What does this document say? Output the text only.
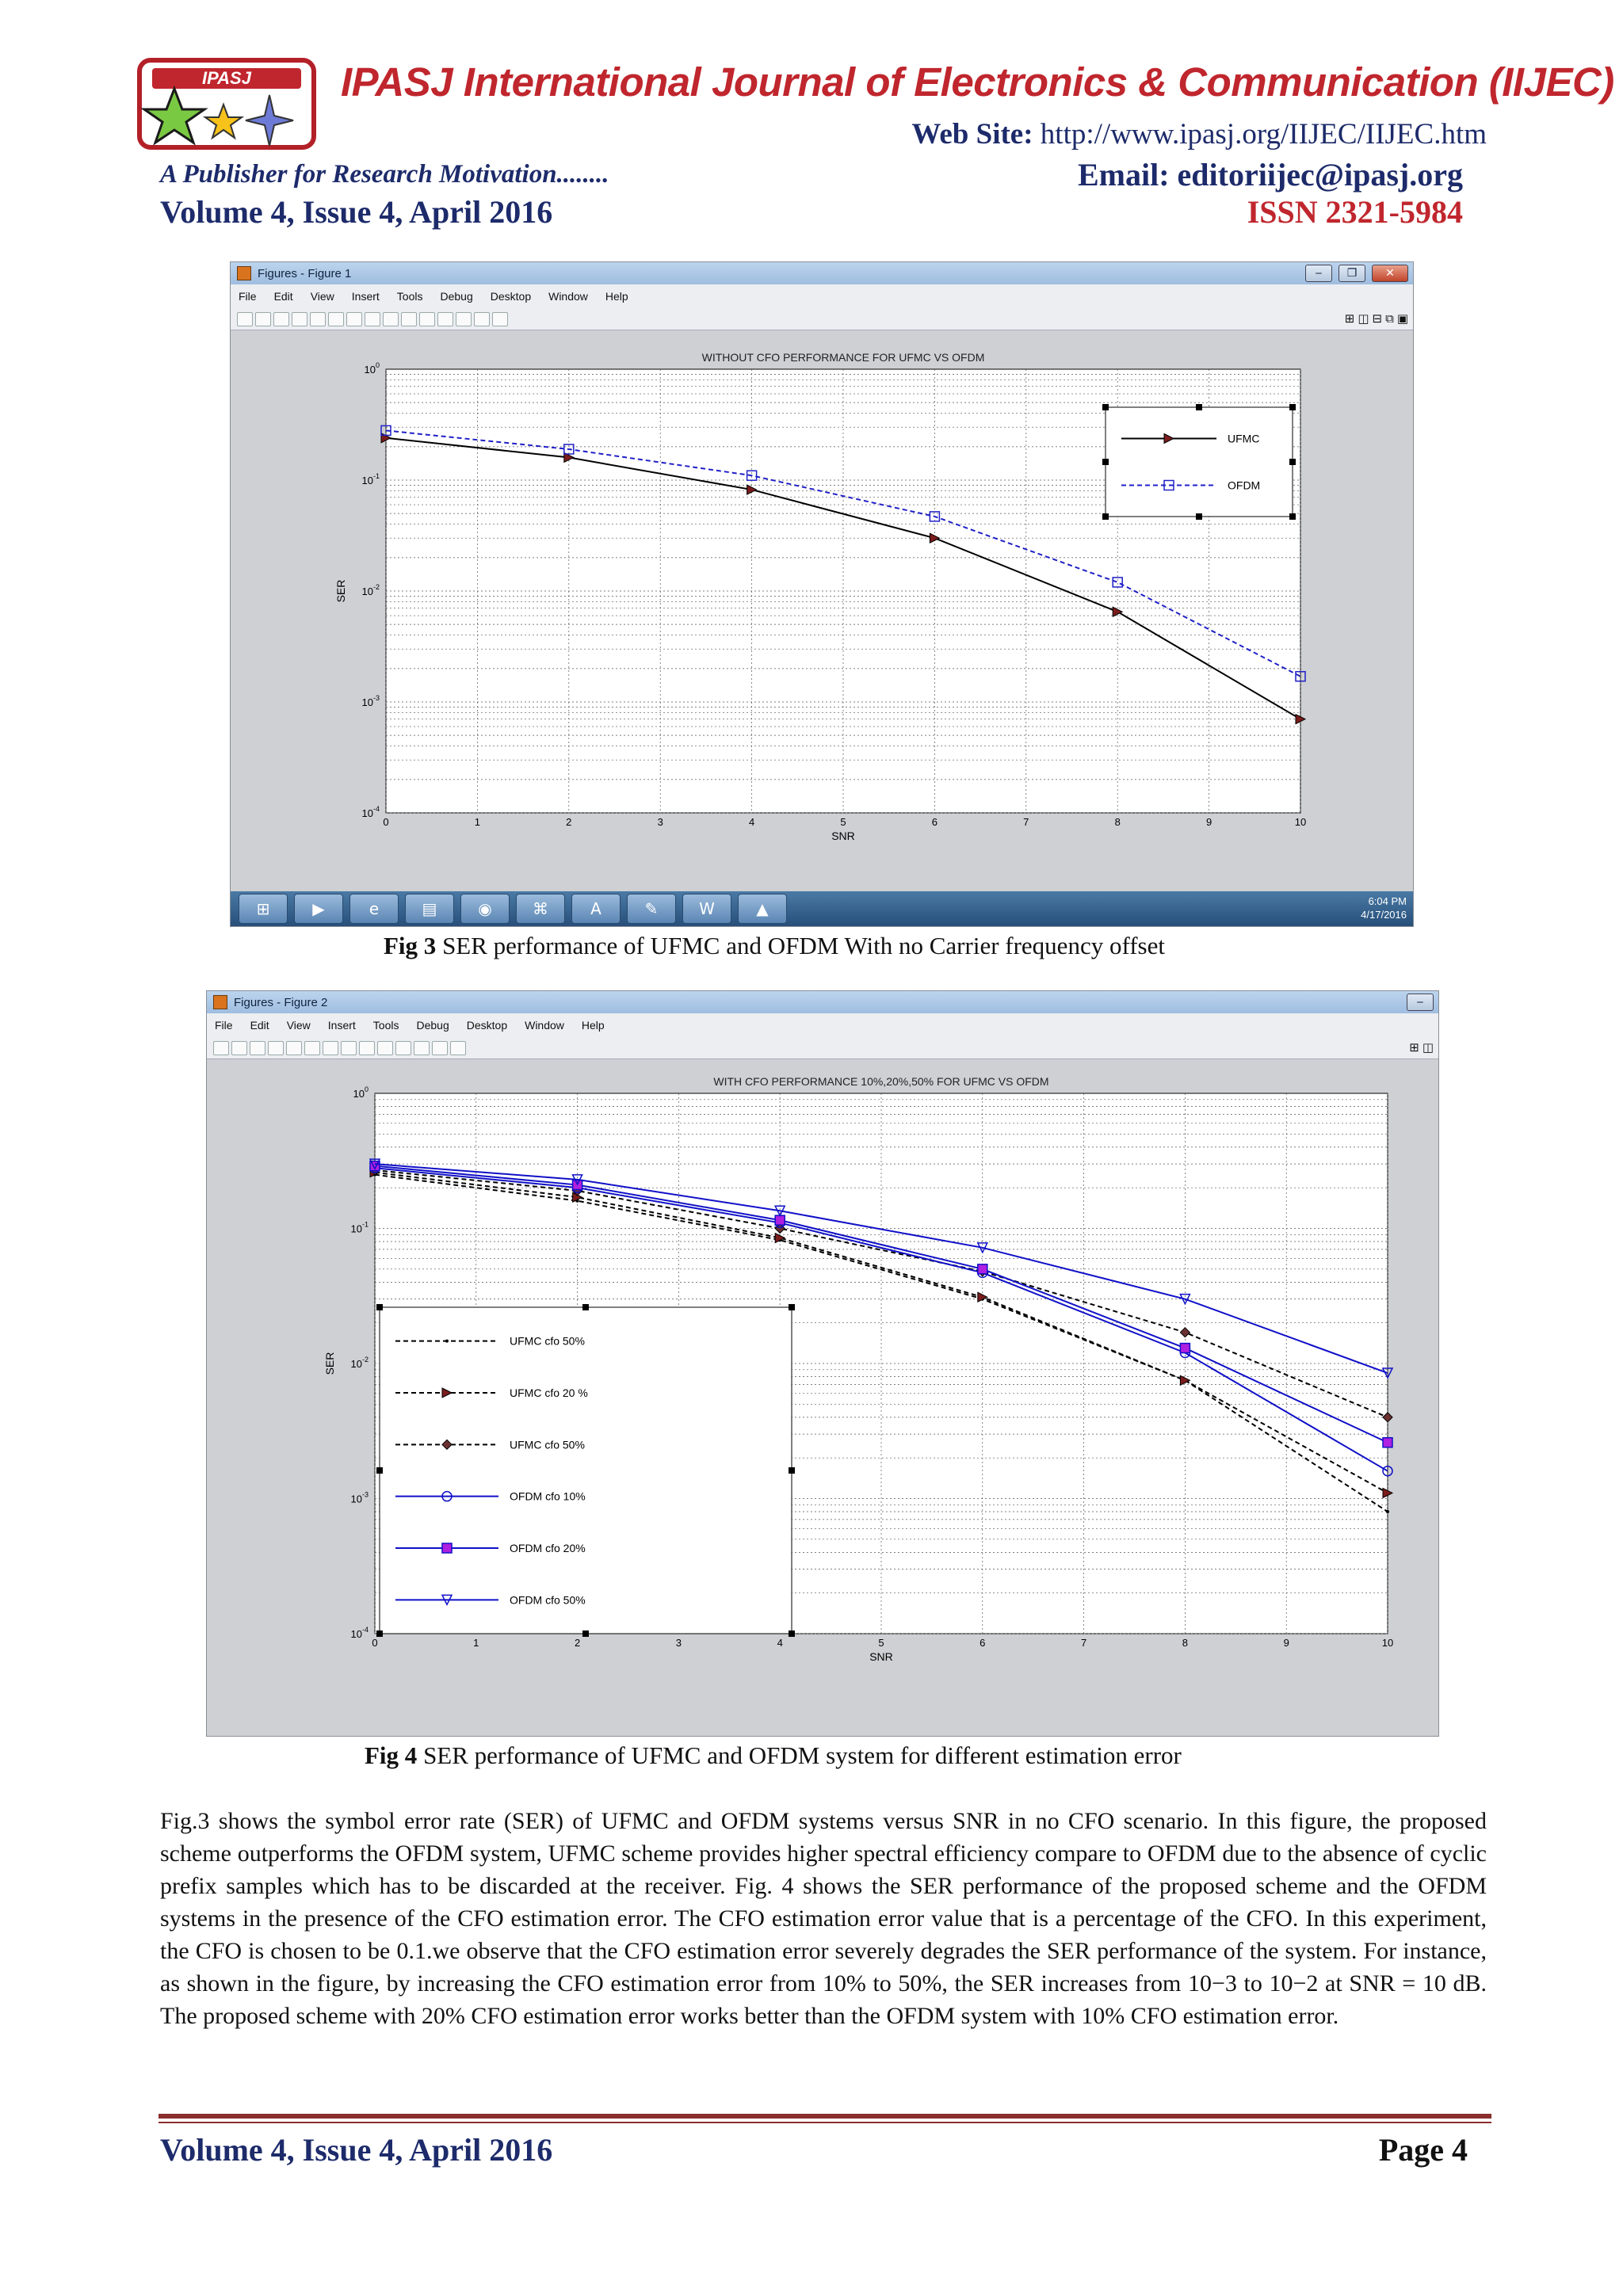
IPASJ IPASJ International Journal of Electronics & Communication (IIJEC)
Web Site: http://www.ipasj.org/IIJEC/IIJEC.htm
A Publisher for Research Motivation........	Email: editoriijec@ipasj.org
Volume 4, Issue 4, April 2016	ISSN 2321-5984
Figures - Figure 1	‒	❐	✕
File Edit View Insert Tools Debug Desktop Window Help
⊞ ◫ ⊟ ⧉ ▣
0	1	2	3	4	5	6	7	8	9	10
$10^0$
$10^{-1}$
$10^{-2}$
$10^{-3}$
$10^{-4}$
WITHOUT CFO PERFORMANCE FOR UFMC VS OFDM
SNR
SER
UFMC
OFDM
⊞	▶	e	▤	◉	⌘	A	✎	W	▲	6:04 PM
4/17/2016
Fig 3 SER performance of UFMC and OFDM With no Carrier frequency offset
Figures - Figure 2	‒
File Edit View Insert Tools Debug Desktop Window Help
⊞ ◫
0	1	2	3	4	5	6	7	8	9	10
$10^0$
$10^{-1}$
$10^{-2}$
$10^{-3}$
$10^{-4}$
WITH CFO PERFORMANCE 10%,20%,50% FOR UFMC VS OFDM
SNR
SER
UFMC cfo 50%
UFMC cfo 20 %
UFMC cfo 50%
OFDM cfo 10%
OFDM cfo 20%
OFDM cfo 50%
Fig 4 SER performance of UFMC and OFDM system for different estimation error

Fig.3 shows the symbol error rate (SER) of UFMC and OFDM systems versus SNR in no CFO scenario. In this figure, the proposed scheme outperforms the OFDM system, UFMC scheme provides higher spectral efficiency compare to OFDM due to the absence of cyclic prefix samples which has to be discarded at the receiver. Fig. 4 shows the SER performance of the proposed scheme and the OFDM systems in the presence of the CFO estimation error. The CFO estimation error value that is a percentage of the CFO. In this experiment, the CFO is chosen to be 0.1.we observe that the CFO estimation error severely degrades the SER performance of the system. For instance, as shown in the figure, by increasing the CFO estimation error from 10% to 50%, the SER increases from 10−3 to 10−2 at SNR = 10 dB. The proposed scheme with 20% CFO estimation error works better than the OFDM system with 10% CFO estimation error.

Volume 4, Issue 4, April 2016	Page 4
